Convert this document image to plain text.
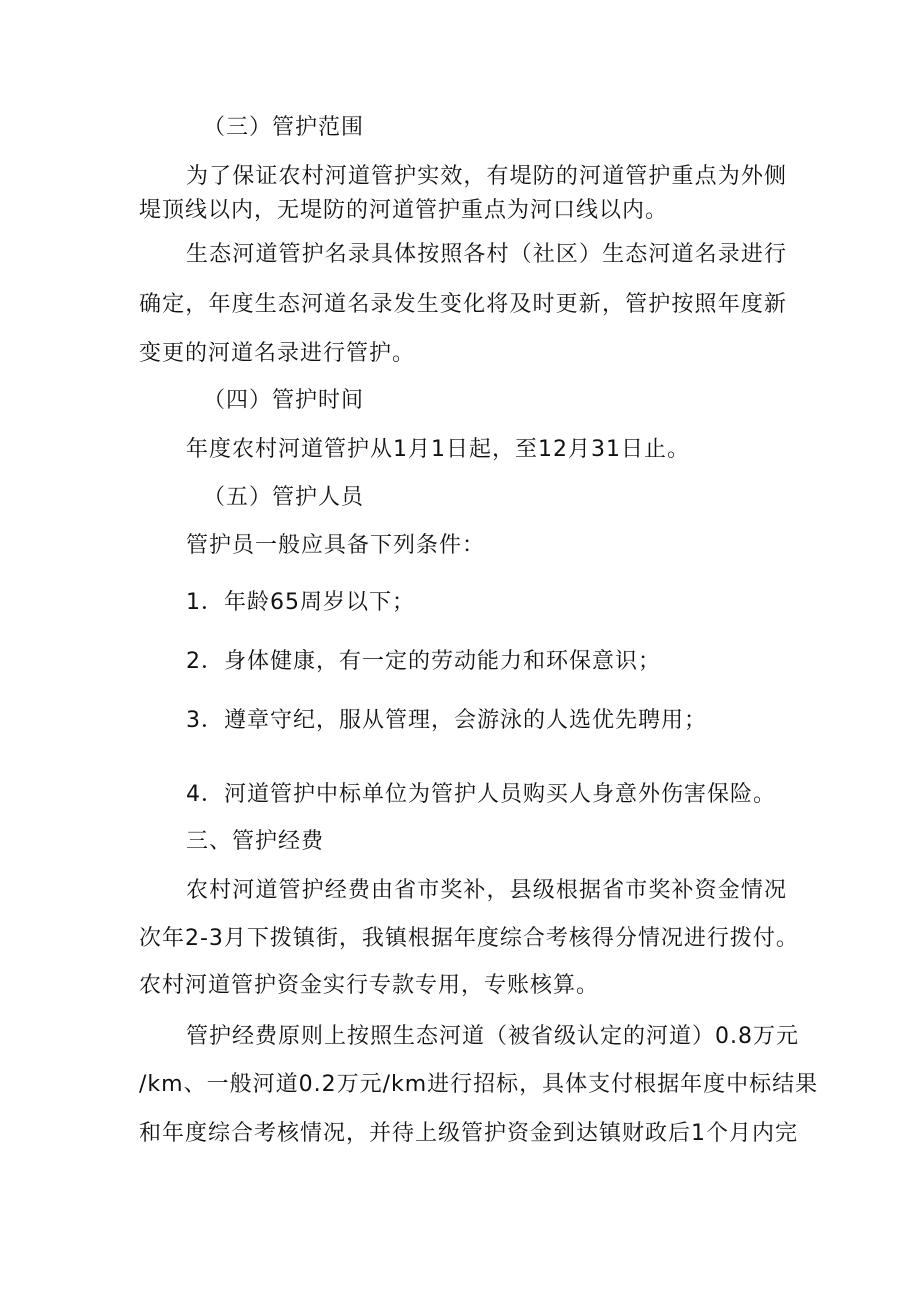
（三）管护范围
为了保证农村河道管护实效，有堤防的河道管护重点为外侧
堤顶线以内，无堤防的河道管护重点为河口线以内。
生态河道管护名录具体按照各村（社区）生态河道名录进行
确定，年度生态河道名录发生变化将及时更新，管护按照年度新
变更的河道名录进行管护。
（四）管护时间
年度农村河道管护从1月1日起，至12月31日止。
（五）管护人员
管护员一般应具备下列条件：
1．年龄65周岁以下；
2．身体健康，有一定的劳动能力和环保意识；
3．遵章守纪，服从管理，会游泳的人选优先聘用；
4．河道管护中标单位为管护人员购买人身意外伤害保险。
三、管护经费
农村河道管护经费由省市奖补，县级根据省市奖补资金情况
次年2-3月下拨镇街，我镇根据年度综合考核得分情况进行拨付。
农村河道管护资金实行专款专用，专账核算。
管护经费原则上按照生态河道（被省级认定的河道）0.8万元
/km、一般河道0.2万元/km进行招标，具体支付根据年度中标结果
和年度综合考核情况，并待上级管护资金到达镇财政后1个月内完
